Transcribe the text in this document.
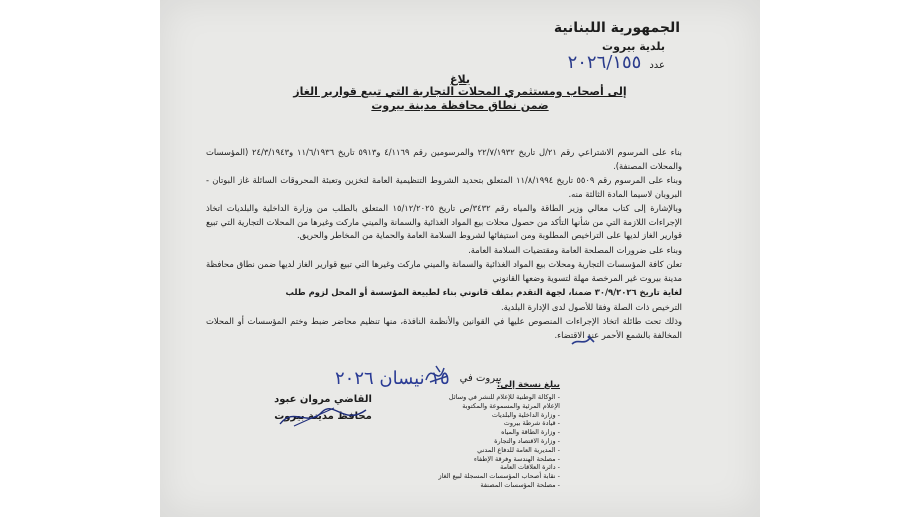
الجمهورية اللبنانية
بلدية بيروت
عدد
٢٠٢٦/١٥٥
بلاغ
إلى أصحاب ومستثمري المحلات التجارية التي تبيع قوارير الغاز
ضمن نطاق محافظة مدينة بيروت

بناء على المرسوم الاشتراعي رقم ٢١/ل تاريخ ٢٢/٧/١٩٣٢ والمرسومين رقم ٤/١١٦٩ و٥٩١٣ تاريخ ١١/٦/١٩٣٦ و٢٤/٣/١٩٤٣ (المؤسسات والمحلات المصنفة).

وبناء على المرسوم رقم ٥٥٠٩ تاريخ ١١/٨/١٩٩٤ المتعلق بتحديد الشروط التنظيمية العامة لتخزين وتعبئة المحروقات السائلة غاز البوتان - البروبان لاسيما المادة الثالثة منه.

وبالإشارة إلى كتاب معالي وزير الطاقة والمياه رقم ٣٤٣٢/ص تاريخ ١٥/١٢/٢٠٢٥ المتعلق بالطلب من وزارة الداخلية والبلديات اتخاذ الإجراءات اللازمة التي من شأنها التأكد من حصول محلات بيع المواد الغذائية والسمانة والميني ماركت وغيرها من المحلات التجارية التي تبيع قوارير الغاز لديها على التراخيص المطلوبة ومن استيفائها لشروط السلامة العامة والحماية من المخاطر والحريق.

وبناء على ضرورات المصلحة العامة ومقتضيات السلامة العامة.

تعلن كافة المؤسسات التجارية ومحلات بيع المواد الغذائية والسمانة والميني ماركت وغيرها التي تبيع قوارير الغاز لديها ضمن نطاق محافظة مدينة بيروت غير المرخصة مهلة لتسوية وضعها القانوني

لغاية تاريخ ٣٠/٩/٢٠٢٦ ضمنا، لجهة التقدم بملف قانوني بناء لطبيعة المؤسسة أو المحل لزوم طلب

الترخيص ذات الصلة وفقا للأصول لدى الإدارة البلدية.

وذلك تحت طائلة اتخاذ الإجراءات المنصوص عليها في القوانين والأنظمة النافذة، منها تنظيم محاضر ضبط وختم المؤسسات أو المحلات المخالفة بالشمع الأحمر عند الاقتضاء.

بيروت في
١٥ نيسان ٢٠٢٦
القاضي مروان عبود
محافظ مدينة بيروت
يبلغ نسخة إلى:
- الوكالة الوطنية للإعلام للنشر في وسائل
الإعلام المرئية والمسموعة والمكتوبة
- وزارة الداخلية والبلديات
- قيادة شرطة بيروت
- وزارة الطاقة والمياه
- وزارة الاقتصاد والتجارة
- المديرية العامة للدفاع المدني
- مصلحة الهندسة وفرقة الإطفاء
- دائرة العلاقات العامة
- نقابة أصحاب المؤسسات المسجلة لبيع الغاز
- مصلحة المؤسسات المصنفة
